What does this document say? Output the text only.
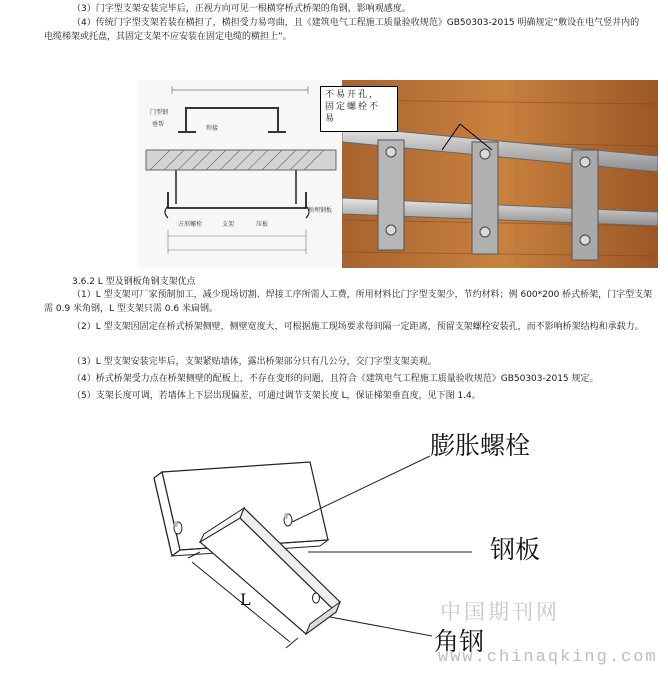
（3）门字型支架安装完毕后，正视方向可见一根横穿桥式桥架的角钢，影响观感度。
（4）传统门字型支架若装在横担了，横担受力易弯曲，且《建筑电气工程施工质量验收规范》GB50303-2015 明确规定“敷设在电气竖井内的电缆梯架或托盘，其固定支架不应安装在固定电缆的横担上”。
门型钢
垂帮
焊接
方形螺栓	支架	压板
预埋钢板
不易开孔，
固定螺栓不
易
3.6.2 L 型及钢板角钢支架优点
（1）L 型支架可厂家预制加工，减少现场切割、焊接工序所需人工费，所用材料比门字型支架少，节约材料；例 600*200 桥式桥架，门字型支架需 0.9 米角钢，L 型支架只需 0.6 米扁钢。
（2）L 型支架因固定在桥式桥架侧壁，侧壁宽度大，可根据施工现场要求每间隔一定距离，预留支架螺栓安装孔，而不影响桥架结构和承载力。
（3）L 型支架安装完毕后，支架紧贴墙体，露出桥架部分只有几公分，交门字型支架美观。
（4）桥式桥架受力点在桥架侧壁的配板上，不存在变形的问题，且符合《建筑电气工程施工质量验收规范》GB50303-2015 规定。
（5）支架长度可调，若墙体上下层出现偏差，可通过调节支架长度 L，保证梯架垂直度，见下图 1.4。
L
膨胀螺栓
钢板
中国期刊网
角钢
www.chinaqking.com
